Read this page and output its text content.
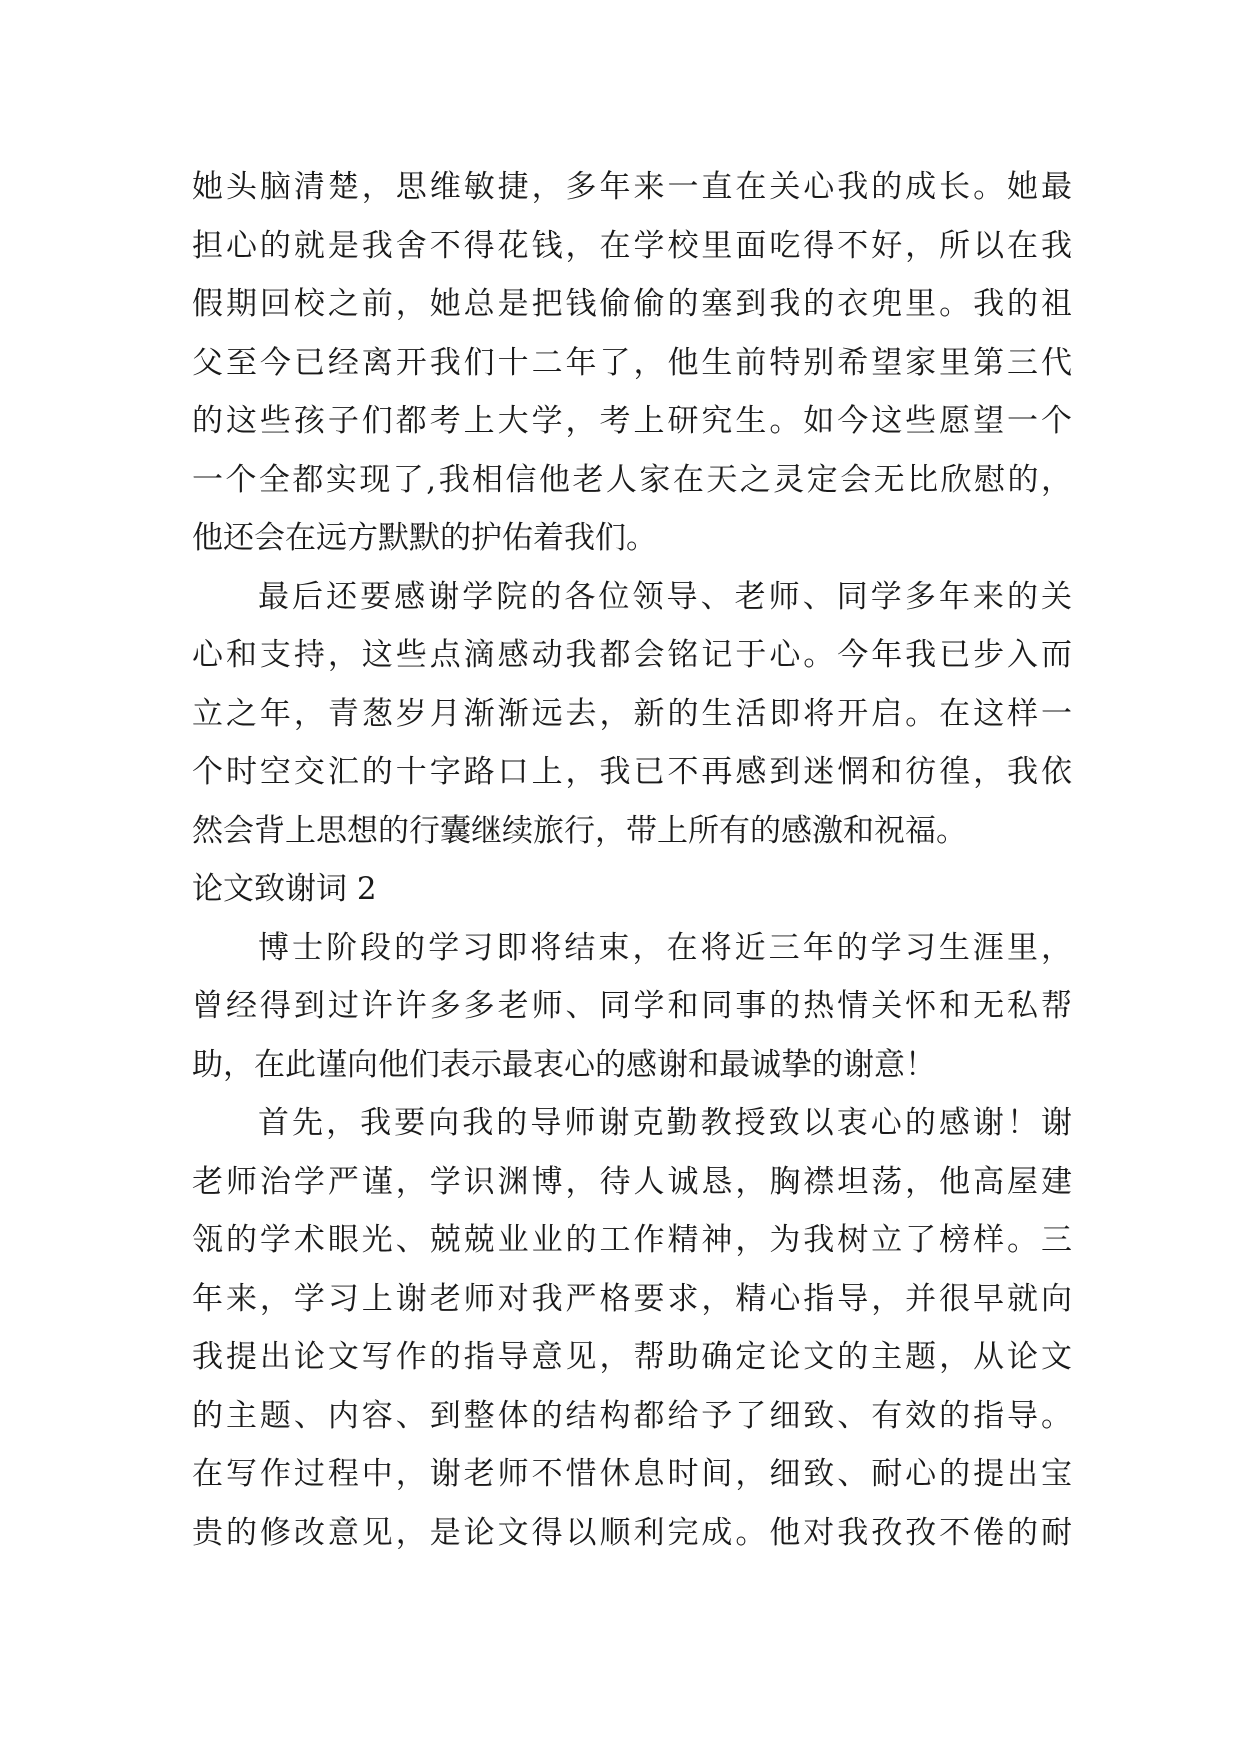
她头脑清楚，思维敏捷，多年来一直在关心我的成长。她最
担心的就是我舍不得花钱，在学校里面吃得不好，所以在我
假期回校之前，她总是把钱偷偷的塞到我的衣兜里。我的祖
父至今已经离开我们十二年了，他生前特别希望家里第三代
的这些孩子们都考上大学，考上研究生。如今这些愿望一个
一个全都实现了,我相信他老人家在天之灵定会无比欣慰的，
他还会在远方默默的护佑着我们。
最后还要感谢学院的各位领导、老师、同学多年来的关
心和支持，这些点滴感动我都会铭记于心。今年我已步入而
立之年，青葱岁月渐渐远去，新的生活即将开启。在这样一
个时空交汇的十字路口上，我已不再感到迷惘和彷徨，我依
然会背上思想的行囊继续旅行，带上所有的感激和祝福。
论文致谢词 2
博士阶段的学习即将结束，在将近三年的学习生涯里，
曾经得到过许许多多老师、同学和同事的热情关怀和无私帮
助，在此谨向他们表示最衷心的感谢和最诚挚的谢意！
首先，我要向我的导师谢克勤教授致以衷心的感谢！谢
老师治学严谨，学识渊博，待人诚恳，胸襟坦荡，他高屋建
瓴的学术眼光、兢兢业业的工作精神，为我树立了榜样。三
年来，学习上谢老师对我严格要求，精心指导，并很早就向
我提出论文写作的指导意见，帮助确定论文的主题，从论文
的主题、内容、到整体的结构都给予了细致、有效的指导。
在写作过程中，谢老师不惜休息时间，细致、耐心的提出宝
贵的修改意见，是论文得以顺利完成。他对我孜孜不倦的耐
